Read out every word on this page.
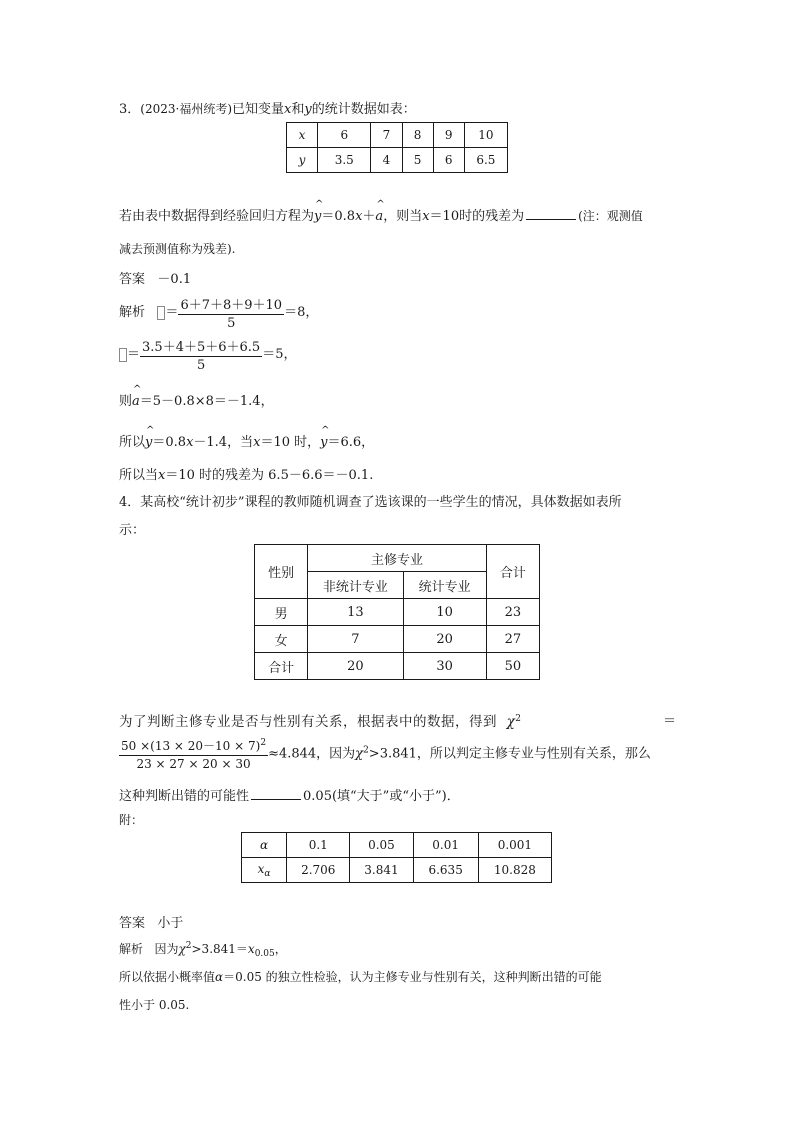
3．(2023·福州统考)已知变量x和y的统计数据如表：
x	6	7	8	9	10
y	3.5	4	5	6	6.5
若由表中数据得到经验回归方程为^ y＝0.8x＋^ a，则当x＝10时的残差为	(注：观测值
减去预测值称为残差).
答案 －0.1
解析 ＝ $\frac{6+7+8+9+10}{5} =8$，
＝ $\frac{3.5+4+5+6+6.5}{5} =5$，
则^ a＝5－0.8×8＝－1.4，
所以^ y＝0.8x－1.4，当x＝10 时，^ y＝6.6，
所以当x＝10 时的残差为 6.5－6.6＝－0.1.
4．某高校“统计初步”课程的教师随机调查了选该课的一些学生的情况，具体数据如表所
示：
性别	主修专业		合计
	非统计专业	统计专业	
男	13	10	23
女	7	20	27
合计	20	30	50
为了判断主修专业是否与性别有关系，根据表中的数据，得到 $\chi^2$	＝
$\frac{50 \times(13 \times 20-10 \times 7)^2}{23 \times 27 \times 20 \times 30} \approx 4.844$，因为$\chi^2>3.841$，所以判定主修专业与性别有关系，那么
这种判断出错的可能性	0.05(填“大于”或“小于”)．
附：
α	0.1	0.05	0.01	0.001
$x_\alpha$	2.706	3.841	6.635	10.828
答案 小于
解析 因为$\chi^2>3.841=x_{0.05}$，
所以依据小概率值α＝0.05 的独立性检验，认为主修专业与性别有关，这种判断出错的可能
性小于 0.05.
